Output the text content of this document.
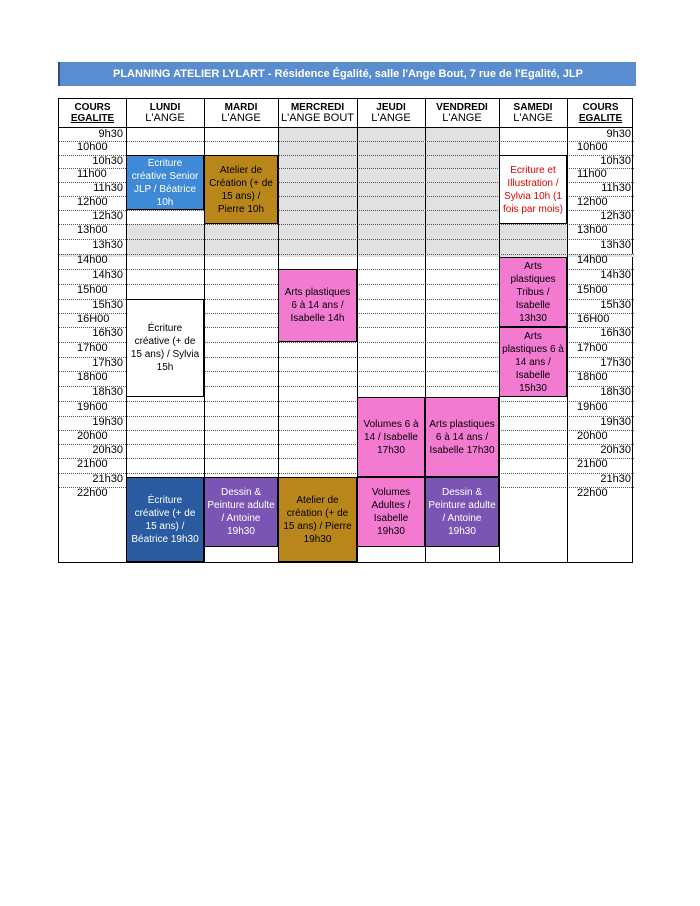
PLANNING ATELIER LYLART - Résidence Égalité, salle l'Ange Bout, 7 rue de l'Egalité, JLP
COURS
EGALITE
LUNDI
L'ANGE
MARDI
L'ANGE
MERCREDI
L'ANGE BOUT
JEUDI
L'ANGE
VENDREDI
L'ANGE
SAMEDI
L'ANGE
COURS
EGALITE
9h30
10h00
10h30
11h00
11h30
12h00
12h30
13h00
13h30
14h00
14h30
15h00
15h30
16H00
16h30
17h00
17h30
18h00
18h30
19h00
19h30
20h00
20h30
21h00
21h30
22h00
9h30
10h00
10h30
11h00
11h30
12h00
12h30
13h00
13h30
14h00
14h30
15h00
15h30
16H00
16h30
17h00
17h30
18h00
18h30
19h00
19h30
20h00
20h30
21h00
21h30
22h00
Ecriture créative Senior JLP / Béatrice 10h
Atelier de Création (+ de 15 ans) / Pierre 10h
Ecriture et Illustration / Sylvia 10h (1 fois par mois)
Arts plastiques 6 à 14 ans / Isabelle 14h
Arts plastiques Tribus / Isabelle 13h30
Écriture créative (+ de 15 ans) / Sylvia 15h
Arts plastiques 6 à 14 ans / Isabelle 15h30
Volumes 6 à 14 / Isabelle 17h30
Arts plastiques 6 à 14 ans / Isabelle 17h30
Écriture créative (+ de 15 ans) / Béatrice 19h30
Dessin & Peinture adulte / Antoine 19h30
Atelier de création (+ de 15 ans) / Pierre 19h30
Volumes Adultes / Isabelle 19h30
Dessin & Peinture adulte / Antoine 19h30
